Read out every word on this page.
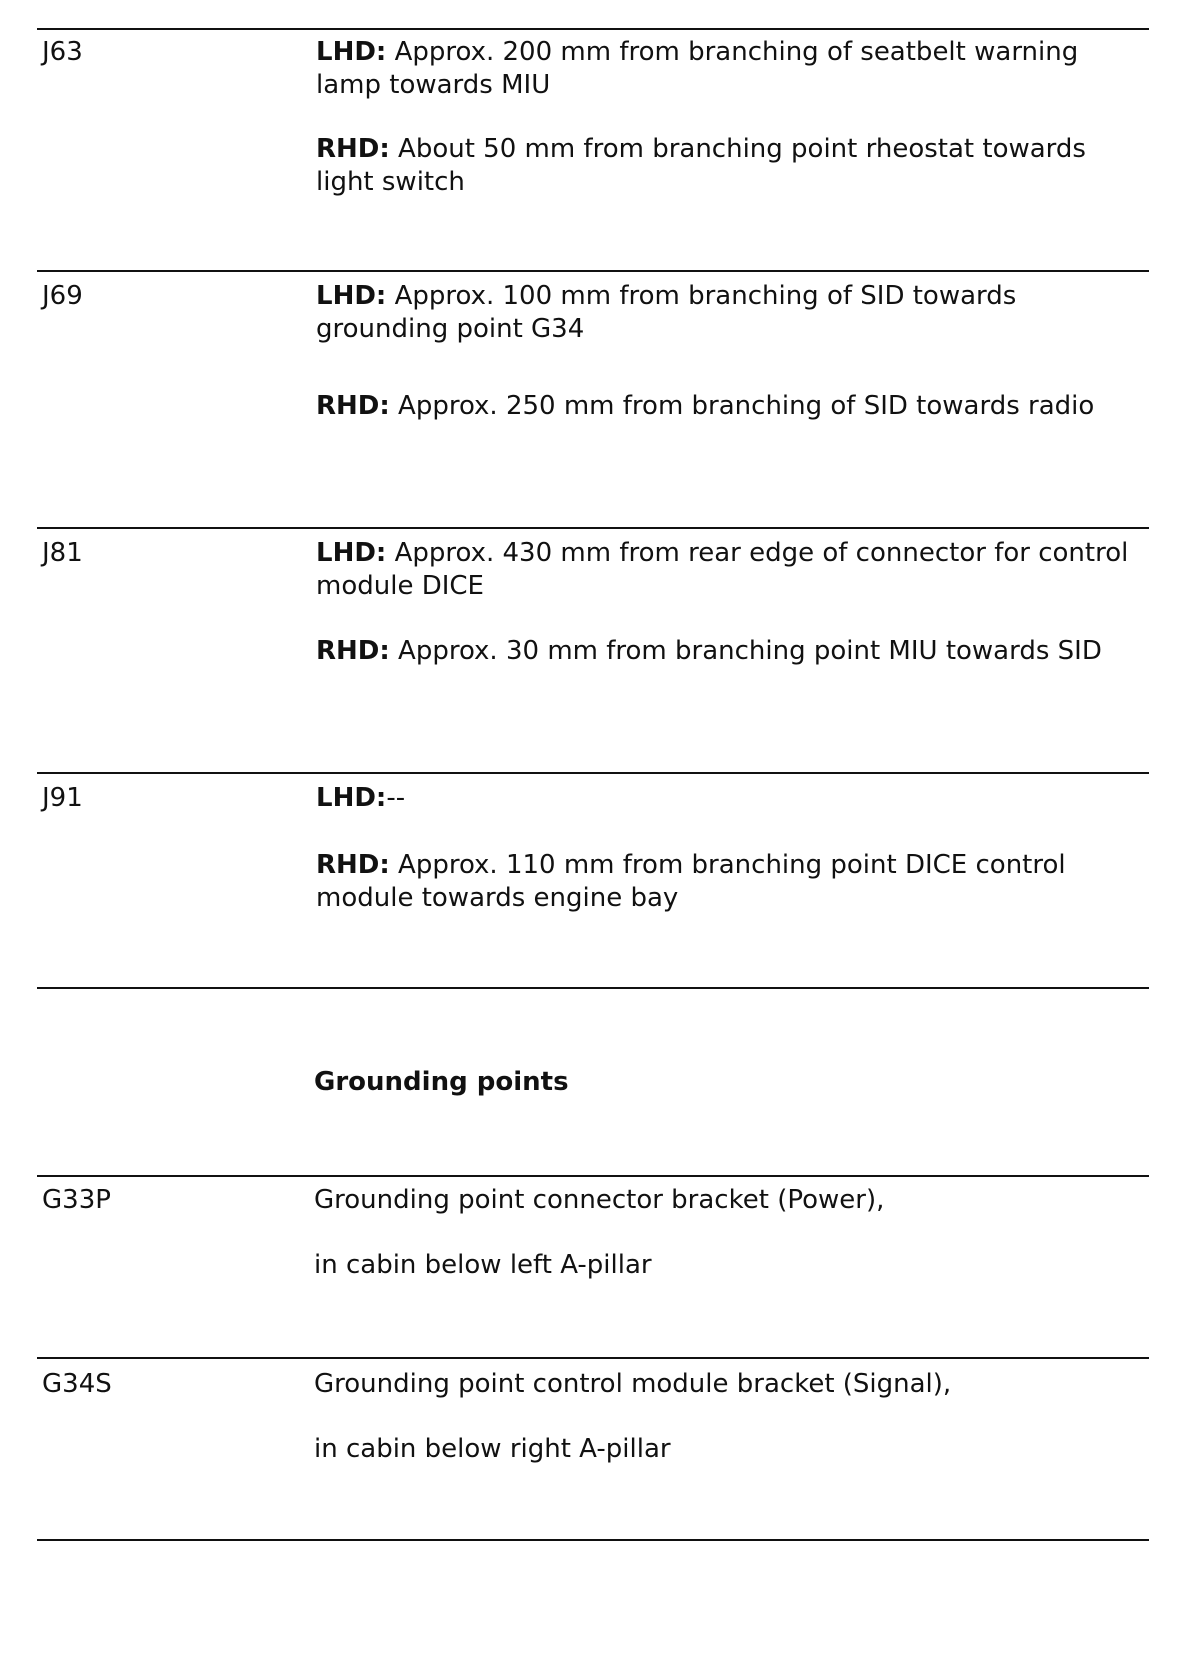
J63	LHD: Approx. 200 mm from branching of seatbelt warning lamp towards MIU

RHD: About 50 mm from branching point rheostat towards light switch

J69	LHD: Approx. 100 mm from branching of SID towards grounding point G34

RHD: Approx. 250 mm from branching of SID towards radio

J81	LHD: Approx. 430 mm from rear edge of connector for control module DICE

RHD: Approx. 30 mm from branching point MIU towards SID

J91	LHD:--

RHD: Approx. 110 mm from branching point DICE control module towards engine bay

Grounding points

G33P	Grounding point connector bracket (Power),

in cabin below left A-pillar

G34S	Grounding point control module bracket (Signal),

in cabin below right A-pillar
